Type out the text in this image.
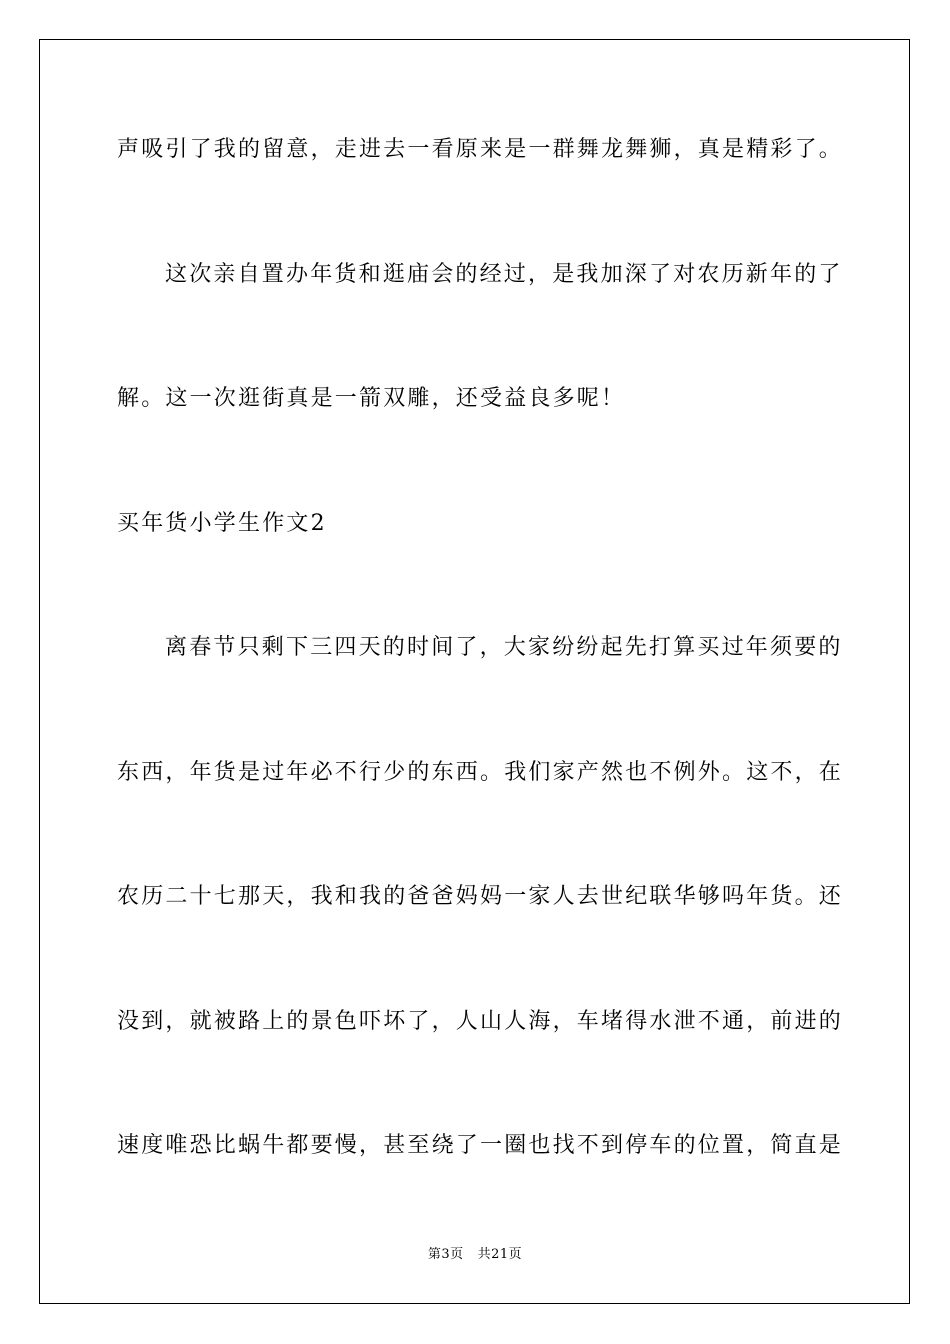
声吸引了我的留意，走进去一看原来是一群舞龙舞狮，真是精彩了。
这次亲自置办年货和逛庙会的经过，是我加深了对农历新年的了
解。这一次逛街真是一箭双雕，还受益良多呢！
买年货小学生作文2
离春节只剩下三四天的时间了，大家纷纷起先打算买过年须要的
东西，年货是过年必不行少的东西。我们家产然也不例外。这不，在
农历二十七那天，我和我的爸爸妈妈一家人去世纪联华够吗年货。还
没到，就被路上的景色吓坏了，人山人海，车堵得水泄不通，前进的
速度唯恐比蜗牛都要慢，甚至绕了一圈也找不到停车的位置，简直是
第3页 共21页
